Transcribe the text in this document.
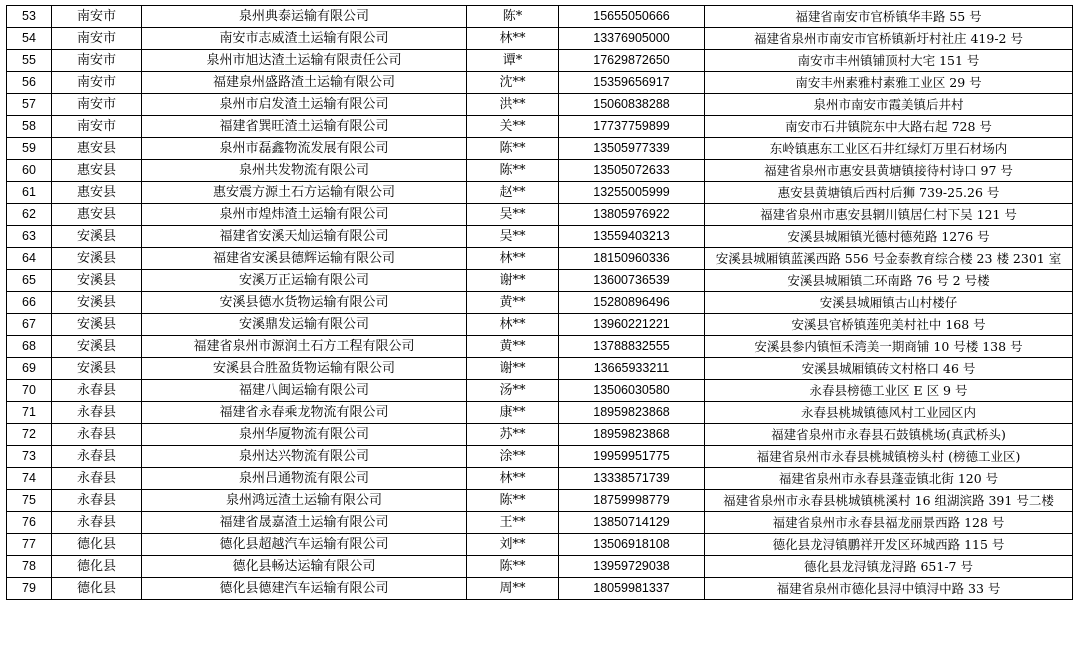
53	南安市	泉州典泰运输有限公司	陈*	15655050666	福建省南安市官桥镇华丰路 55 号
54	南安市	南安市志威渣土运输有限公司	林**	13376905000	福建省泉州市南安市官桥镇新圩村社庄 419-2 号
55	南安市	泉州市旭达渣土运输有限责任公司	谭*	17629872650	南安市丰州镇铺顶村大宅 151 号
56	南安市	福建泉州盛路渣土运输有限公司	沈**	15359656917	南安丰州素雅村素雅工业区 29 号
57	南安市	泉州市启发渣土运输有限公司	洪**	15060838288	泉州市南安市霞美镇后井村
58	南安市	福建省巽旺渣土运输有限公司	关**	17737759899	南安市石井镇院东中大路右起 728 号
59	惠安县	泉州市磊鑫物流发展有限公司	陈**	13505977339	东岭镇惠东工业区石井红绿灯万里石材场内
60	惠安县	泉州共发物流有限公司	陈**	13505072633	福建省泉州市惠安县黄塘镇接待村诗口 97 号
61	惠安县	惠安震方源土石方运输有限公司	赵**	13255005999	惠安县黄塘镇后西村后狮 739-25.26 号
62	惠安县	泉州市煌炜渣土运输有限公司	吴**	13805976922	福建省泉州市惠安县辋川镇居仁村下吴 121 号
63	安溪县	福建省安溪天灿运输有限公司	吴**	13559403213	安溪县城厢镇光德村德苑路 1276 号
64	安溪县	福建省安溪县德辉运输有限公司	林**	18150960336	安溪县城厢镇蓝溪西路 556 号金泰教育综合楼 23 楼 2301 室
65	安溪县	安溪万正运输有限公司	谢**	13600736539	安溪县城厢镇二环南路 76 号 2 号楼
66	安溪县	安溪县德水货物运输有限公司	黄**	15280896496	安溪县城厢镇古山村楼仔
67	安溪县	安溪鼎发运输有限公司	林**	13960221221	安溪县官桥镇莲兜美村社中 168 号
68	安溪县	福建省泉州市源润土石方工程有限公司	黄**	13788832555	安溪县参内镇恒禾湾美一期商铺 10 号楼 138 号
69	安溪县	安溪县合胜盈货物运输有限公司	谢**	13665933211	安溪县城厢镇砖文村格口 46 号
70	永春县	福建八闽运输有限公司	汤**	13506030580	永春县榜德工业区 E 区 9 号
71	永春县	福建省永春乘龙物流有限公司	康**	18959823868	永春县桃城镇德风村工业园区内
72	永春县	泉州华厦物流有限公司	苏**	18959823868	福建省泉州市永春县石鼓镇桃场(真武桥头)
73	永春县	泉州达兴物流有限公司	涂**	19959951775	福建省泉州市永春县桃城镇榜头村 (榜德工业区)
74	永春县	泉州吕通物流有限公司	林**	13338571739	福建省泉州市永春县蓬壶镇北街 120 号
75	永春县	泉州鸿远渣土运输有限公司	陈**	18759998779	福建省泉州市永春县桃城镇桃溪村 16 组湖滨路 391 号二楼
76	永春县	福建省晟嘉渣土运输有限公司	王**	13850714129	福建省泉州市永春县福龙丽景西路 128 号
77	德化县	德化县超越汽车运输有限公司	刘**	13506918108	德化县龙浔镇鹏祥开发区环城西路 115 号
78	德化县	德化县畅达运输有限公司	陈**	13959729038	德化县龙浔镇龙浔路 651-7 号
79	德化县	德化县德建汽车运输有限公司	周**	18059981337	福建省泉州市德化县浔中镇浔中路 33 号
